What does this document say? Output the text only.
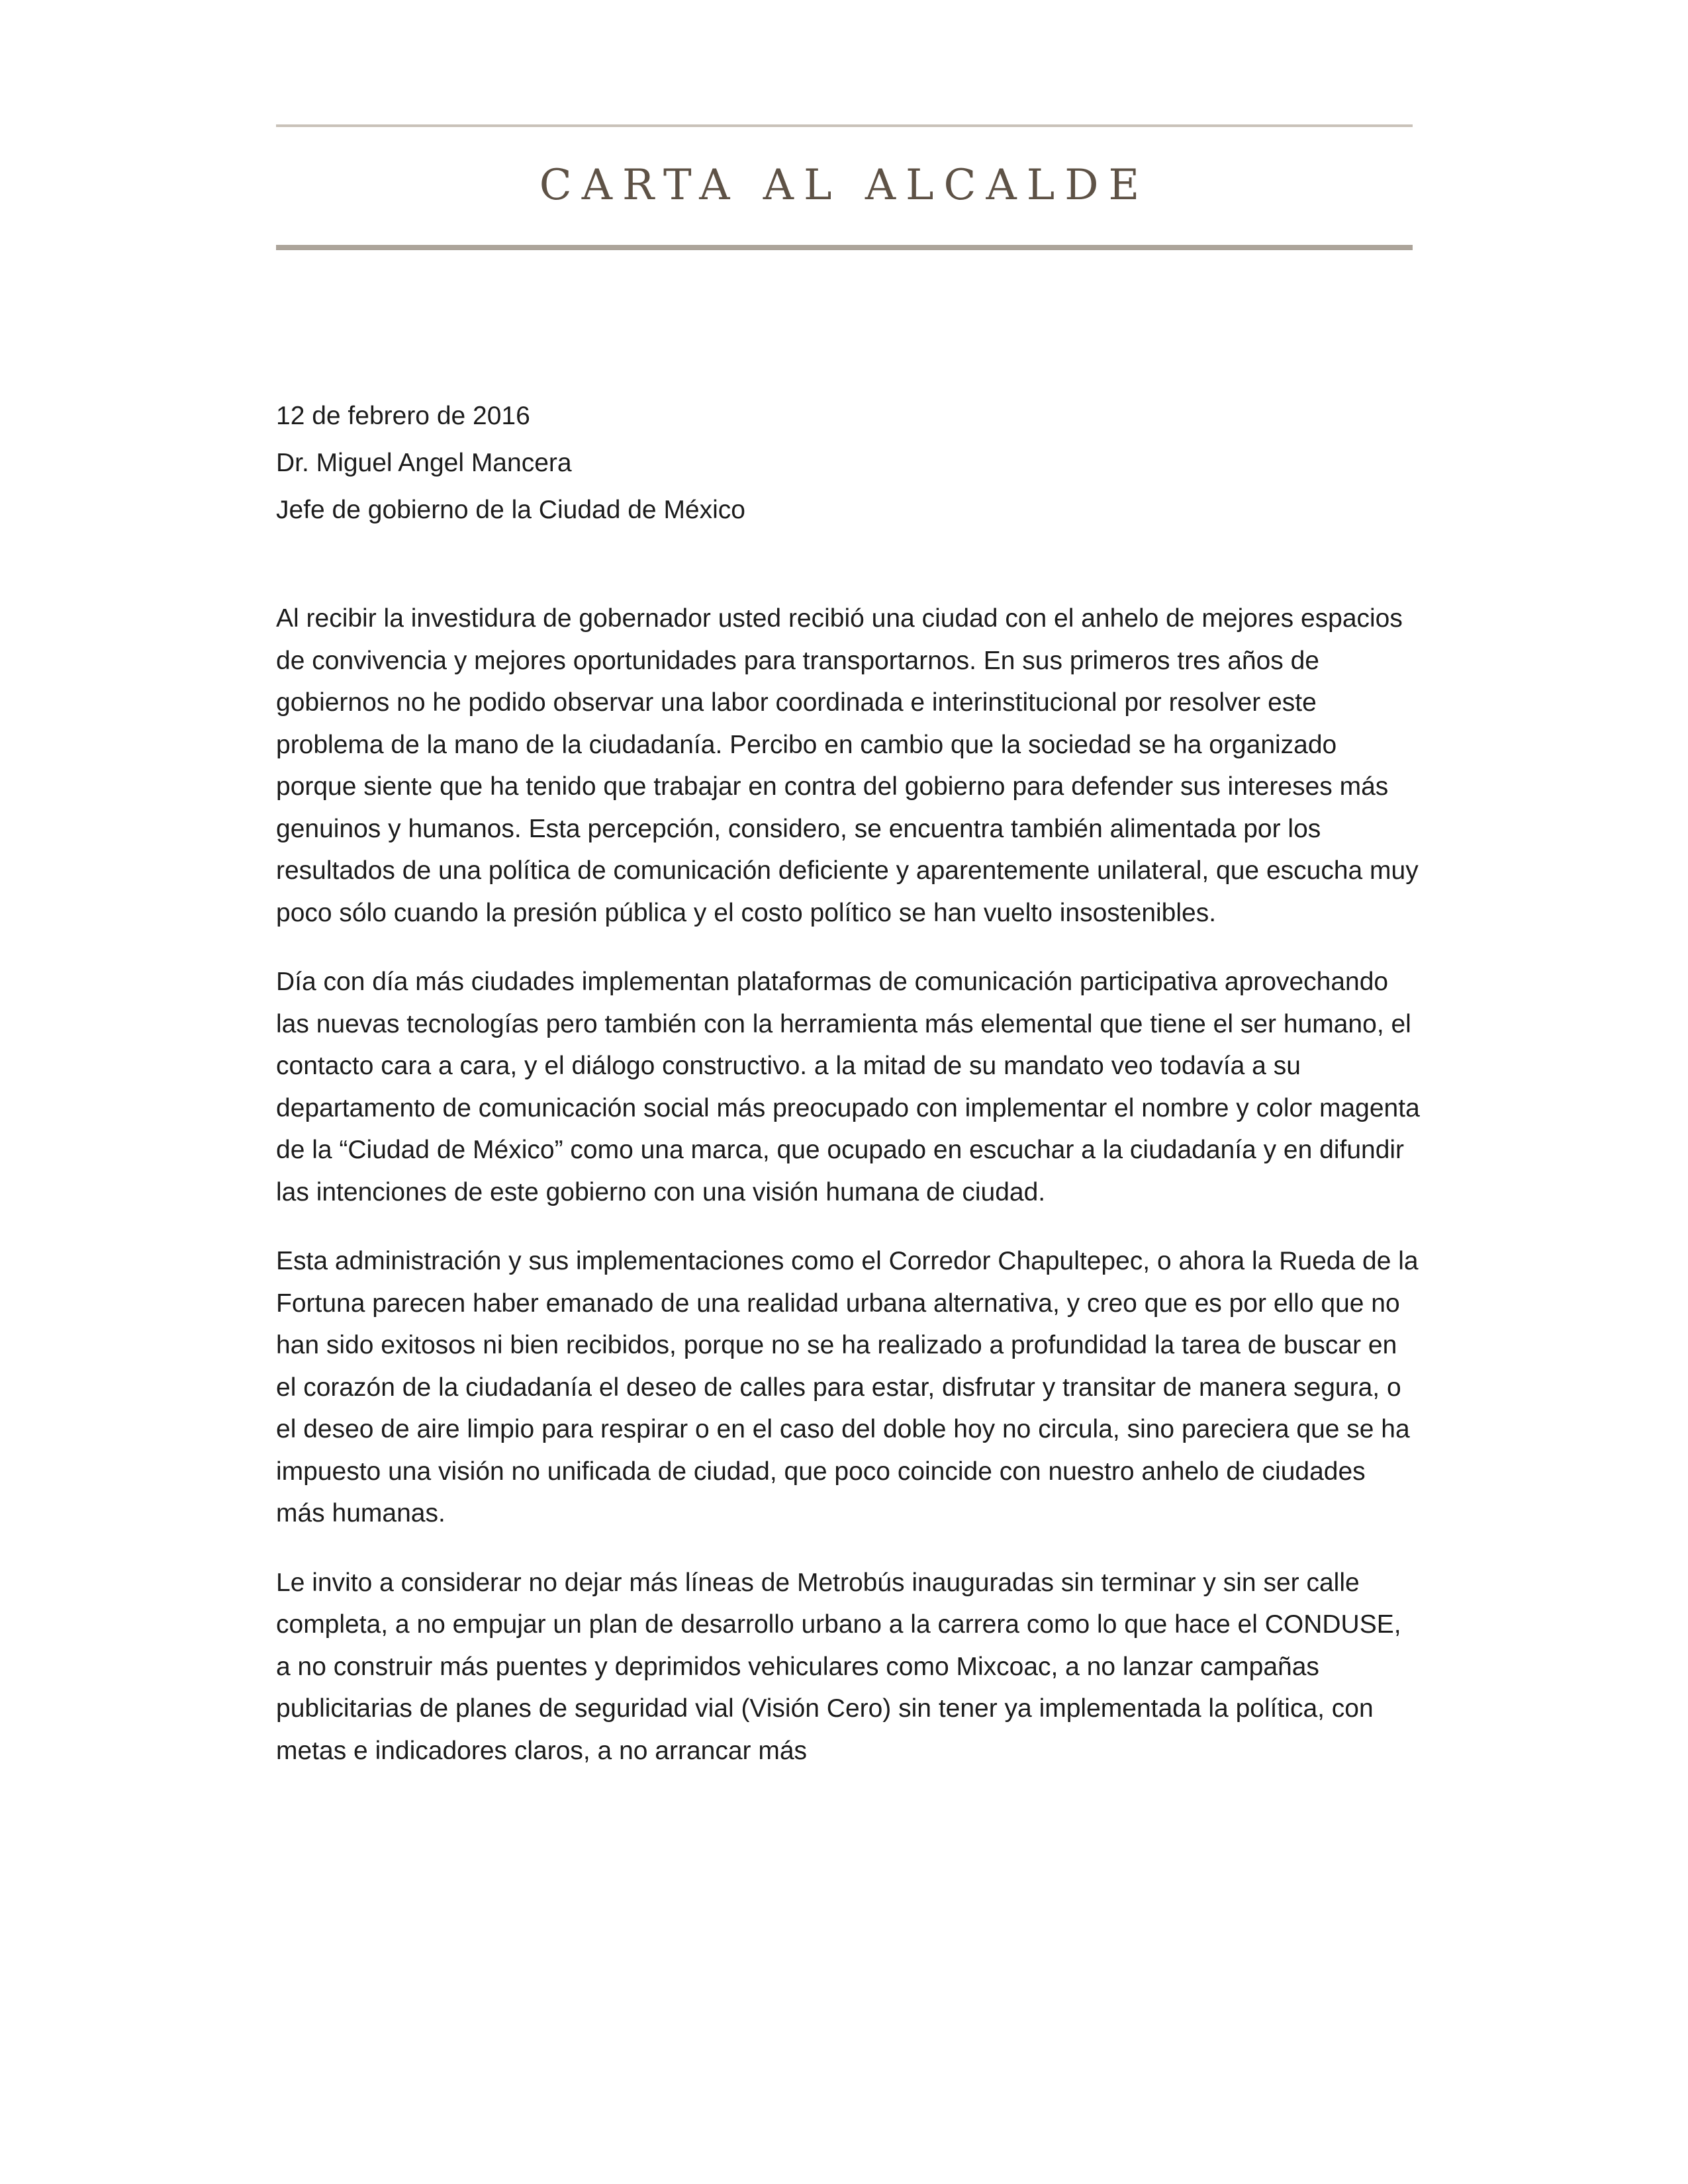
CARTA AL ALCALDE

12 de febrero de 2016

Dr. Miguel Angel Mancera

Jefe de gobierno de la Ciudad de México

Al recibir la investidura de gobernador usted recibió una ciudad con el anhelo de mejores espacios de convivencia y mejores oportunidades para transportarnos. En sus primeros tres años de gobiernos no he podido observar una labor coordinada e interinstitucional por resolver este problema de la mano de la ciudadanía. Percibo en cambio que la sociedad se ha organizado porque siente que ha tenido que trabajar en contra del gobierno para defender sus intereses más genuinos y humanos. Esta percepción, considero, se encuentra también alimentada por los resultados de una política de comunicación deficiente y aparentemente unilateral, que escucha muy poco sólo cuando la presión pública y el costo político se han vuelto insostenibles.

Día con día más ciudades implementan plataformas de comunicación participativa aprovechando las nuevas tecnologías pero también con la herramienta más elemental que tiene el ser humano, el contacto cara a cara, y el diálogo constructivo. a la mitad de su mandato veo todavía a su departamento de comunicación social más preocupado con implementar el nombre y color magenta de la “Ciudad de México” como una marca, que ocupado en escuchar a la ciudadanía y en difundir las intenciones de este gobierno con una visión humana de ciudad.

Esta administración y sus implementaciones como el Corredor Chapultepec, o ahora la Rueda de la Fortuna parecen haber emanado de una realidad urbana alternativa, y creo que es por ello que no han sido exitosos ni bien recibidos, porque no se ha realizado a profundidad la tarea de buscar en el corazón de la ciudadanía el deseo de calles para estar, disfrutar y transitar de manera segura, o el deseo de aire limpio para respirar o en el caso del doble hoy no circula, sino pareciera que se ha impuesto una visión no unificada de ciudad, que poco coincide con nuestro anhelo de ciudades más humanas.

Le invito a considerar no dejar más líneas de Metrobús inauguradas sin terminar y sin ser calle completa, a no empujar un plan de desarrollo urbano a la carrera como lo que hace el CONDUSE, a no construir más puentes y deprimidos vehiculares como Mixcoac, a no lanzar campañas publicitarias de planes de seguridad vial (Visión Cero) sin tener ya implementada la política, con metas e indicadores claros, a no arrancar más
